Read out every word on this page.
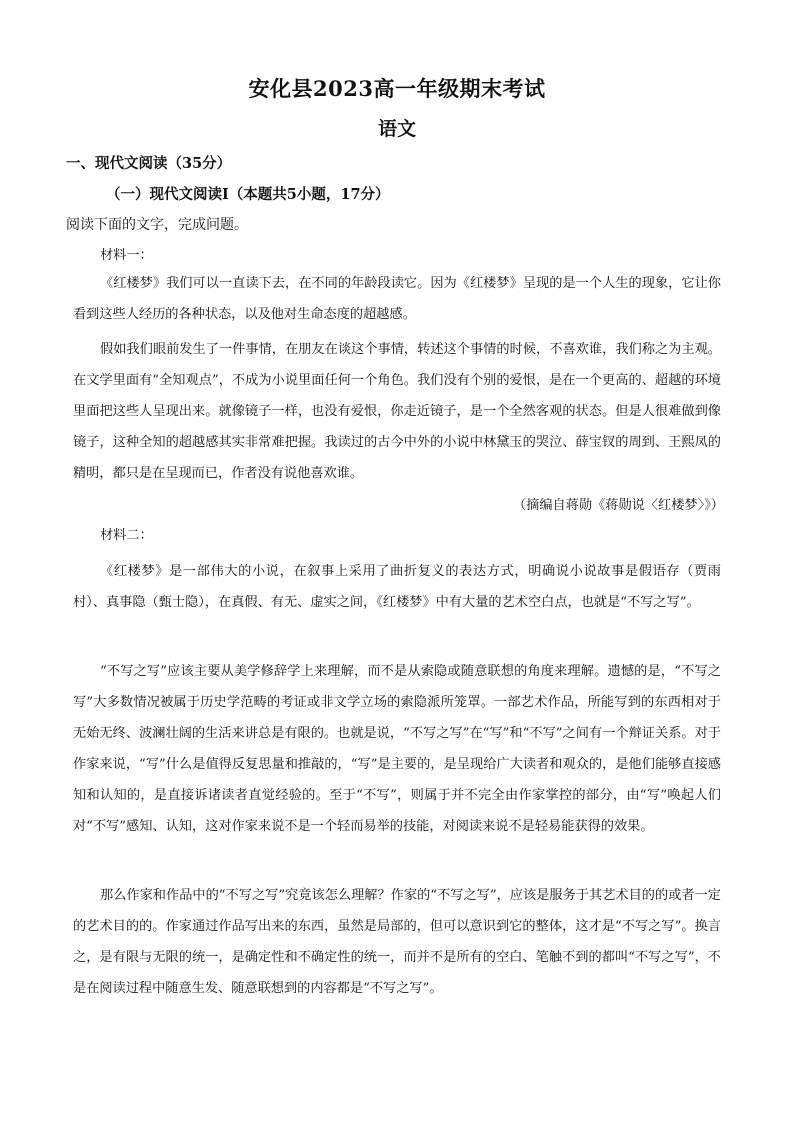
安化县2023高一年级期末考试
语文
一、现代文阅读（35分）
（一）现代文阅读Ⅰ（本题共5小题，17分）
阅读下面的文字，完成问题。
材料一：

《红楼梦》我们可以一直读下去，在不同的年龄段读它。因为《红楼梦》呈现的是一个人生的现象，它让你看到这些人经历的各种状态，以及他对生命态度的超越感。

假如我们眼前发生了一件事情，在朋友在谈这个事情，转述这个事情的时候，不喜欢谁，我们称之为主观。在文学里面有“全知观点”，不成为小说里面任何一个角色。我们没有个别的爱恨，是在一个更高的、超越的环境里面把这些人呈现出来。就像镜子一样，也没有爱恨，你走近镜子，是一个全然客观的状态。但是人很难做到像镜子，这种全知的超越感其实非常难把握。我读过的古今中外的小说中林黛玉的哭泣、薛宝钗的周到、王熙凤的精明，都只是在呈现而已，作者没有说他喜欢谁。

（摘编自蒋勋《蒋勋说〈红楼梦〉》）
材料二：

《红楼梦》是一部伟大的小说，在叙事上采用了曲折复义的表达方式，明确说小说故事是假语存（贾雨村）、真事隐（甄士隐），在真假、有无、虚实之间，《红楼梦》中有大量的艺术空白点，也就是“不写之写”。

“不写之写”应该主要从美学修辞学上来理解，而不是从索隐或随意联想的角度来理解。遗憾的是，“不写之写”大多数情况被属于历史学范畴的考证或非文学立场的索隐派所笼罩。一部艺术作品，所能写到的东西相对于无始无终、波澜壮阔的生活来讲总是有限的。也就是说，“不写之写”在“写”和“不写”之间有一个辩证关系。对于作家来说，“写”什么是值得反复思量和推敲的，“写”是主要的，是呈现给广大读者和观众的，是他们能够直接感知和认知的，是直接诉诸读者直觉经验的。至于“不写”，则属于并不完全由作家掌控的部分，由“写”唤起人们对“不写”感知、认知，这对作家来说不是一个轻而易举的技能，对阅读来说不是轻易能获得的效果。

那么作家和作品中的“不写之写”究竟该怎么理解？作家的“不写之写”，应该是服务于其艺术目的的或者一定的艺术目的的。作家通过作品写出来的东西，虽然是局部的，但可以意识到它的整体，这才是“不写之写”。换言之，是有限与无限的统一，是确定性和不确定性的统一，而并不是所有的空白、笔触不到的都叫“不写之写”，不是在阅读过程中随意生发、随意联想到的内容都是“不写之写”。
